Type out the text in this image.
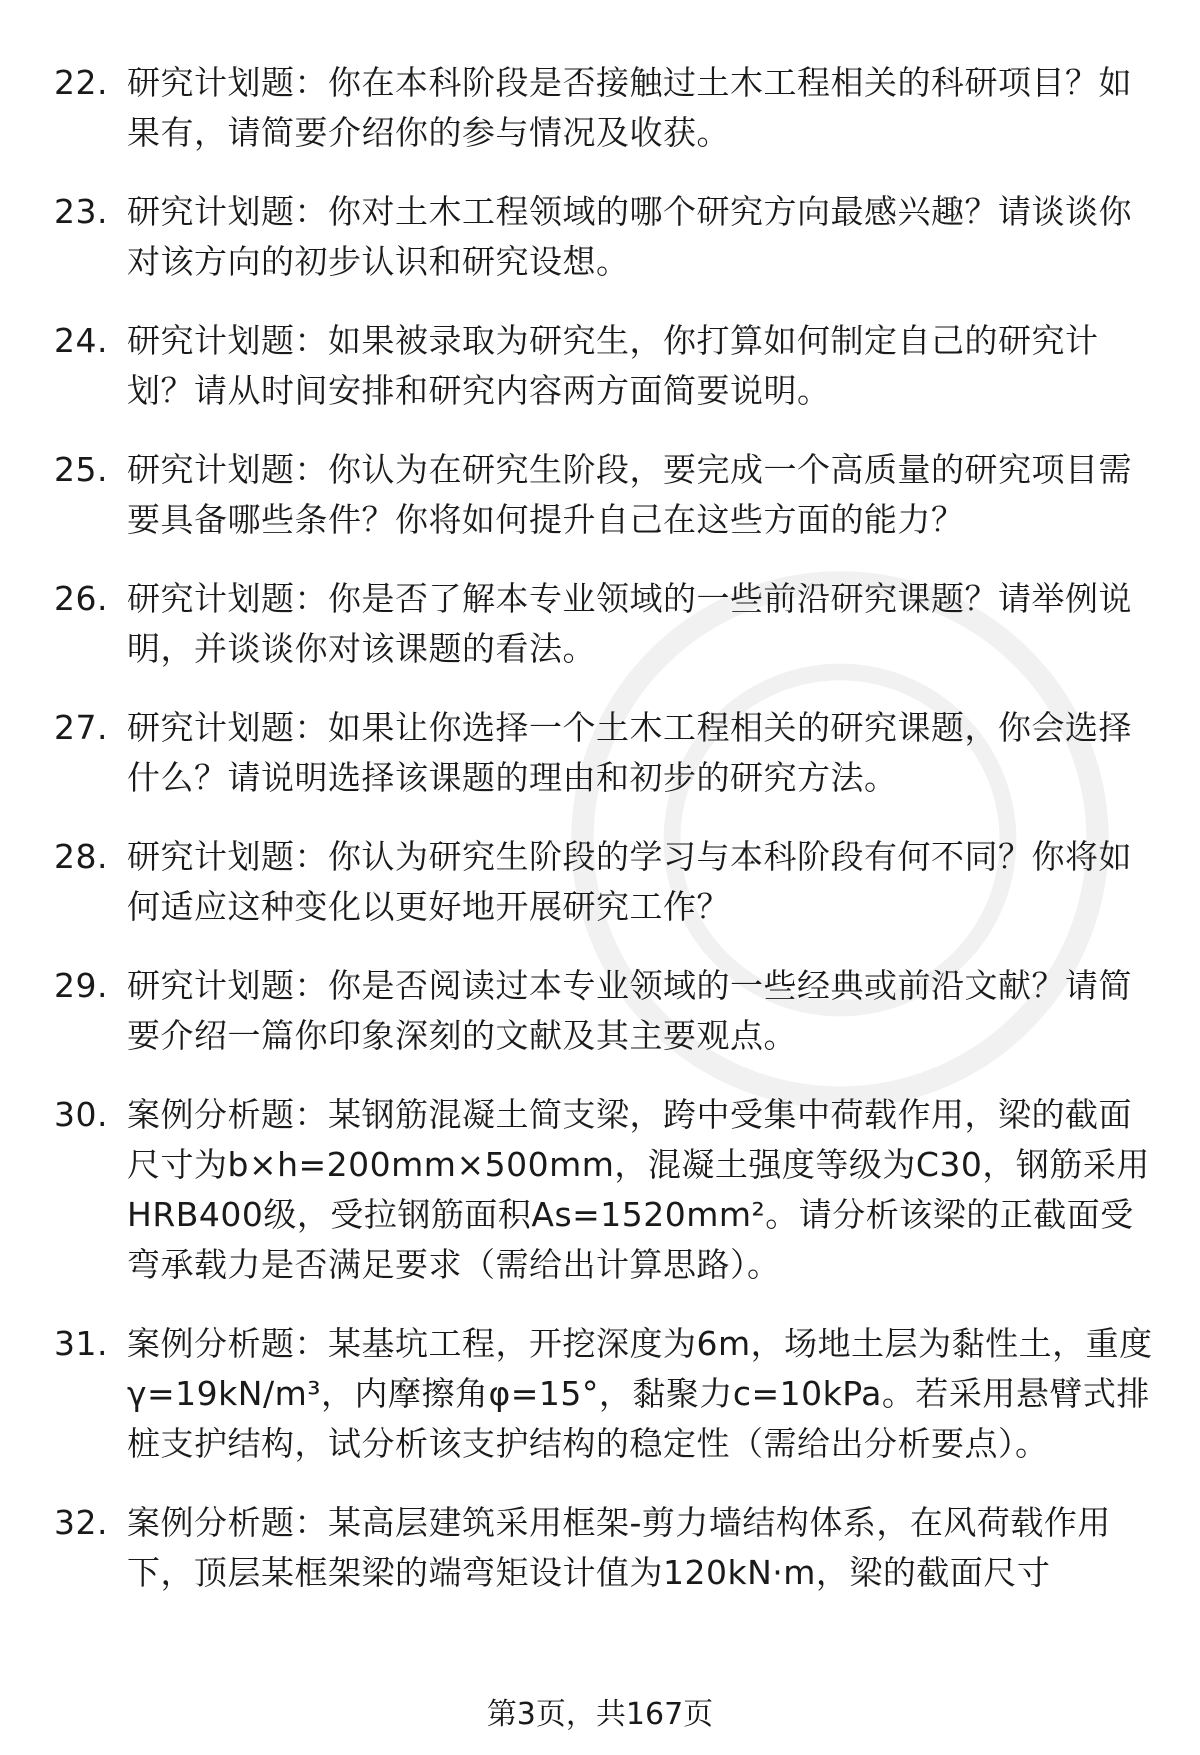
22. 研究计划题：你在本科阶段是否接触过土木工程相关的科研项目？如果有，请简要介绍你的参与情况及收获。
23. 研究计划题：你对土木工程领域的哪个研究方向最感兴趣？请谈谈你对该方向的初步认识和研究设想。
24. 研究计划题：如果被录取为研究生，你打算如何制定自己的研究计划？请从时间安排和研究内容两方面简要说明。
25. 研究计划题：你认为在研究生阶段，要完成一个高质量的研究项目需要具备哪些条件？你将如何提升自己在这些方面的能力？
26. 研究计划题：你是否了解本专业领域的一些前沿研究课题？请举例说明，并谈谈你对该课题的看法。
27. 研究计划题：如果让你选择一个土木工程相关的研究课题，你会选择什么？请说明选择该课题的理由和初步的研究方法。
28. 研究计划题：你认为研究生阶段的学习与本科阶段有何不同？你将如何适应这种变化以更好地开展研究工作？
29. 研究计划题：你是否阅读过本专业领域的一些经典或前沿文献？请简要介绍一篇你印象深刻的文献及其主要观点。
30. 案例分析题：某钢筋混凝土简支梁，跨中受集中荷载作用，梁的截面尺寸为b×h=200mm×500mm，混凝土强度等级为C30，钢筋采用HRB400级，受拉钢筋面积As=1520mm²。请分析该梁的正截面受弯承载力是否满足要求（需给出计算思路）。
31. 案例分析题：某基坑工程，开挖深度为6m，场地土层为黏性土，重度γ=19kN/m³，内摩擦角φ=15°，黏聚力c=10kPa。若采用悬臂式排桩支护结构，试分析该支护结构的稳定性（需给出分析要点）。
32. 案例分析题：某高层建筑采用框架-剪力墙结构体系，在风荷载作用下，顶层某框架梁的端弯矩设计值为120kN·m，梁的截面尺寸
第3页，共167页
